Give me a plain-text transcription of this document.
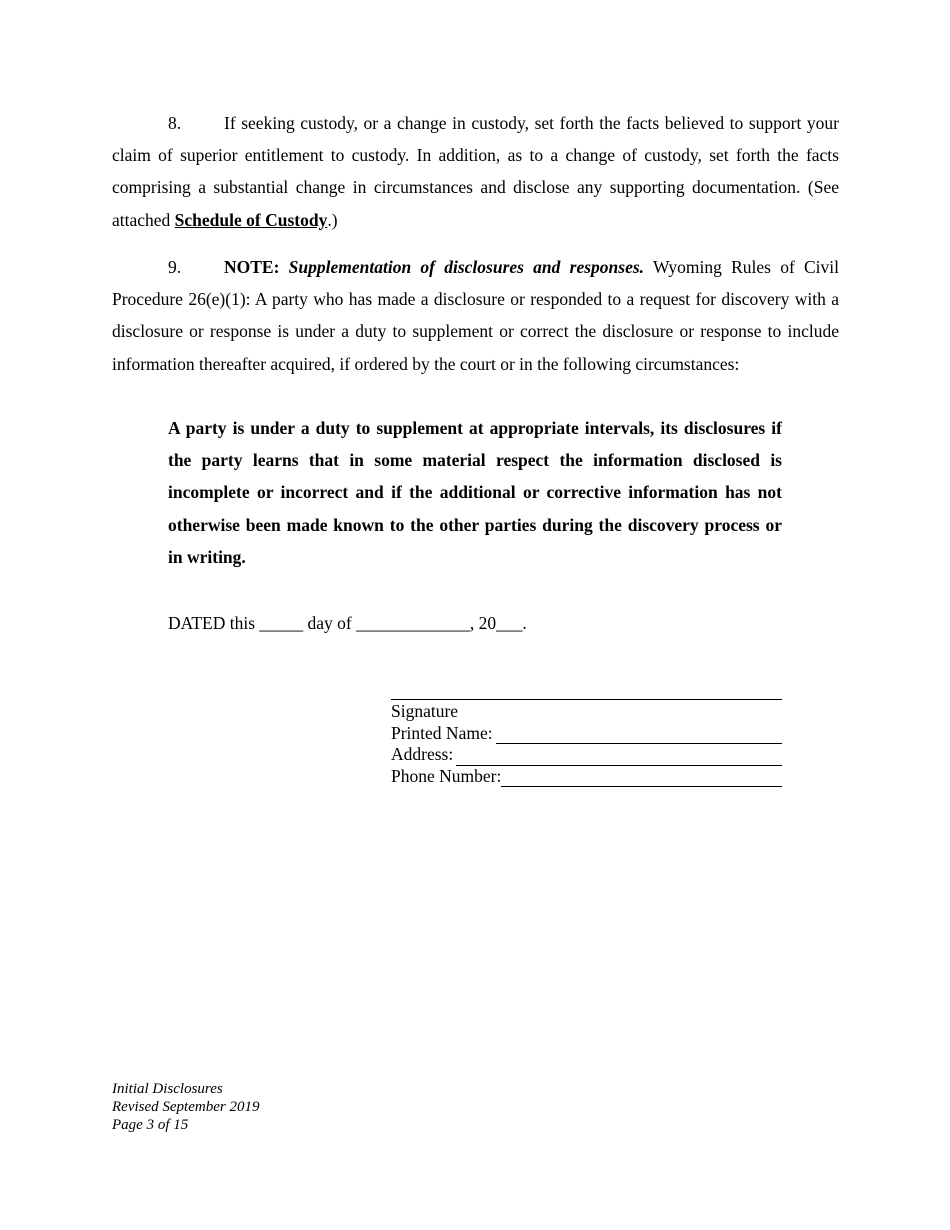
8. If seeking custody, or a change in custody, set forth the facts believed to support your claim of superior entitlement to custody. In addition, as to a change of custody, set forth the facts comprising a substantial change in circumstances and disclose any supporting documentation. (See attached Schedule of Custody.)

9. NOTE: Supplementation of disclosures and responses. Wyoming Rules of Civil Procedure 26(e)(1): A party who has made a disclosure or responded to a request for discovery with a disclosure or response is under a duty to supplement or correct the disclosure or response to include information thereafter acquired, if ordered by the court or in the following circumstances:

A party is under a duty to supplement at appropriate intervals, its disclosures if the party learns that in some material respect the information disclosed is incomplete or incorrect and if the additional or corrective information has not otherwise been made known to the other parties during the discovery process or in writing.

DATED this _____ day of _____________, 20___.

Signature
Printed Name:
Address:
Phone Number:
Initial Disclosures
Revised September 2019
Page 3 of 15
